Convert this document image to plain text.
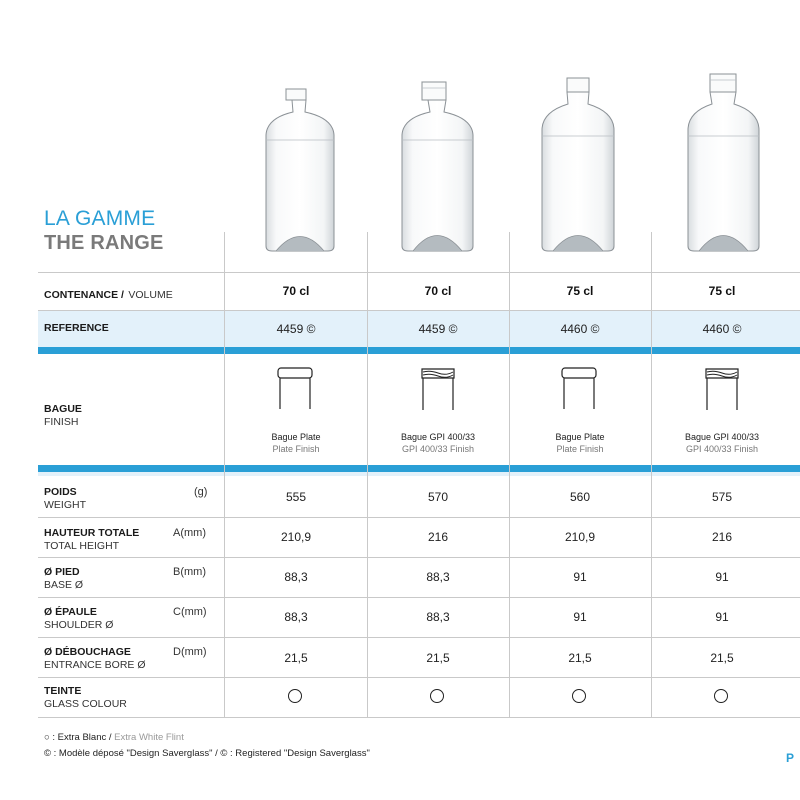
LA GAMME
THE RANGE
CONTENANCE / VOLUME
REFERENCE
BAGUE
FINISH
POIDS
WEIGHT
(g)
HAUTEUR TOTALE
TOTAL HEIGHT
A(mm)
Ø PIED
BASE Ø
B(mm)
Ø ÉPAULE
SHOULDER Ø
C(mm)
Ø DÉBOUCHAGE
ENTRANCE BORE Ø
D(mm)
TEINTE
GLASS COLOUR
70 cl
4459 ©
Bague Plate
Plate Finish
555
210,9
88,3
88,3
21,5
70 cl
4459 ©
Bague GPI 400/33
GPI 400/33 Finish
570
216
88,3
88,3
21,5
75 cl
4460 ©
Bague Plate
Plate Finish
560
210,9
91
91
21,5
75 cl
4460 ©
Bague GPI 400/33
GPI 400/33 Finish
575
216
91
91
21,5
○ : Extra Blanc / Extra White Flint
© : Modèle déposé "Design Saverglass" / © : Registered "Design Saverglass"	P
